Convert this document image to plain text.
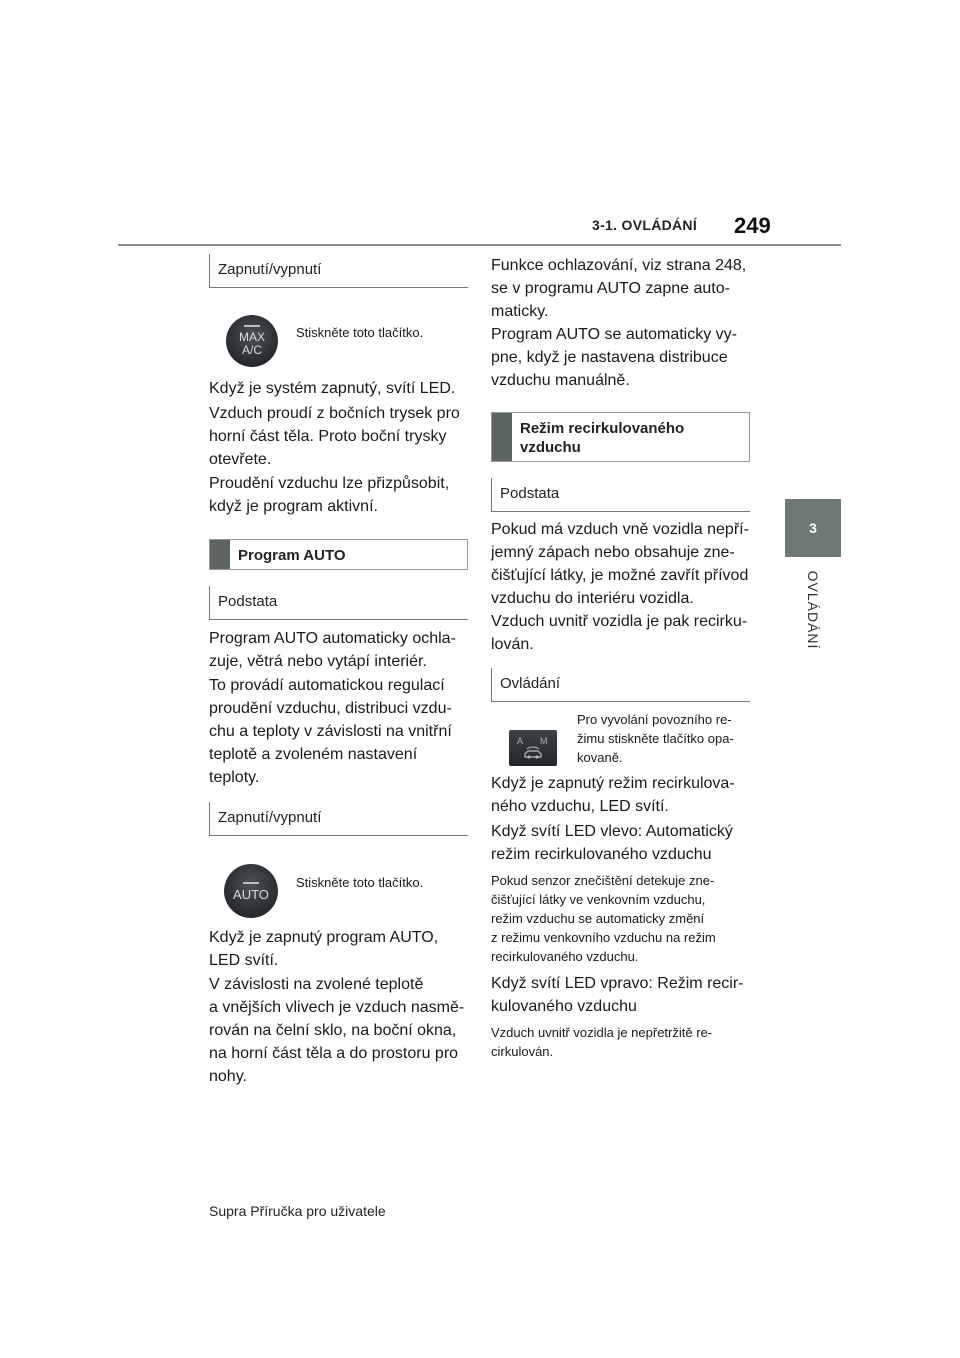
3-1. OVLÁDÁNÍ 249
3
OVLÁDÁNÍ
Zapnutí/vypnutí
MAX
A/C
Stiskněte toto tlačítko.
Když je systém zapnutý, svítí LED.
Vzduch proudí z bočních trysek pro
horní část těla. Proto boční trysky
otevřete.
Proudění vzduchu lze přizpůsobit,
když je program aktivní.
Program AUTO
Podstata
Program AUTO automaticky ochla-
zuje, větrá nebo vytápí interiér.
To provádí automatickou regulací
proudění vzduchu, distribuci vzdu-
chu a teploty v závislosti na vnitřní
teplotě a zvoleném nastavení
teploty.
Zapnutí/vypnutí
AUTO
Stiskněte toto tlačítko.
Když je zapnutý program AUTO,
LED svítí.
V závislosti na zvolené teplotě
a vnějších vlivech je vzduch nasmě-
rován na čelní sklo, na boční okna,
na horní část těla a do prostoru pro
nohy.
Funkce ochlazování, viz strana 248,
se v programu AUTO zapne auto-
maticky.
Program AUTO se automaticky vy-
pne, když je nastavena distribuce
vzduchu manuálně.
Režim recirkulovaného
vzduchu
Podstata
Pokud má vzduch vně vozidla nepří-
jemný zápach nebo obsahuje zne-
čišťující látky, je možné zavřít přívod
vzduchu do interiéru vozidla.
Vzduch uvnitř vozidla je pak recirku-
lován.
Ovládání
A M
Pro vyvolání povozního re-
žimu stiskněte tlačítko opa-
kovaně.
Když je zapnutý režim recirkulova-
ného vzduchu, LED svítí.
Když svítí LED vlevo: Automatický
režim recirkulovaného vzduchu
Pokud senzor znečištění detekuje zne-
čišťující látky ve venkovním vzduchu,
režim vzduchu se automaticky změní
z režimu venkovního vzduchu na režim
recirkulovaného vzduchu.
Když svítí LED vpravo: Režim recir-
kulovaného vzduchu
Vzduch uvnitř vozidla je nepřetržitě re-
cirkulován.
Supra Příručka pro uživatele
